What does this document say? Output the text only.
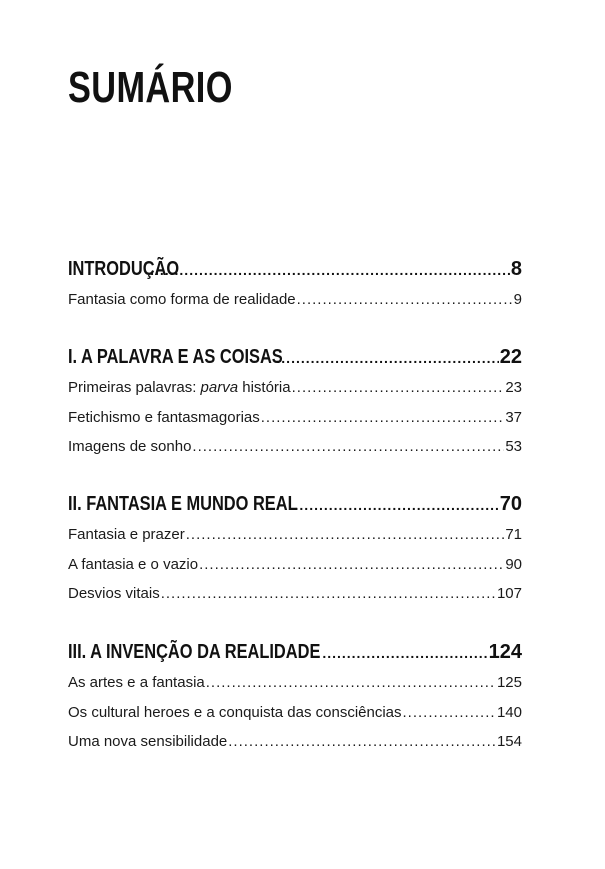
SUMÁRIO
INTRODUÇÃO .....	8
Fantasia como forma de realidade .....	9
I. A PALAVRA E AS COISAS .....	22
Primeiras palavras: parva história .....	23
Fetichismo e fantasmagorias .....	37
Imagens de sonho .....	53
II. FANTASIA E MUNDO REAL .....	70
Fantasia e prazer .....	71
A fantasia e o vazio .....	90
Desvios vitais .....	107
III. A INVENÇÃO DA REALIDADE .....	124
As artes e a fantasia .....	125
Os cultural heroes e a conquista das consciências .....	140
Uma nova sensibilidade .....	154
